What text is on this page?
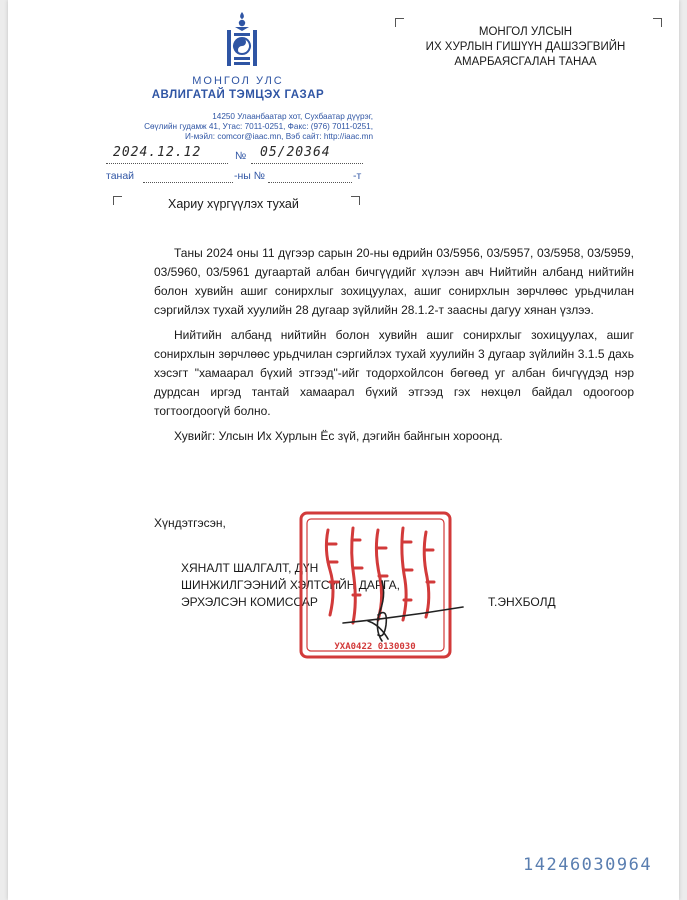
МОНГОЛ УЛС
АВЛИГАТАЙ ТЭМЦЭХ ГАЗАР
14250 Улаанбаатар хот, Сухбаатар дүүрэг,
Сөүлийн гудамж 41, Утас: 7011-0251, Факс: (976) 7011-0251,
И-мэйл: comcor@iaac.mn, Вэб сайт: http://iaac.mn
2024.12.12	№ 05/20364
танай	-ны №	-т
МОНГОЛ УЛСЫН
ИХ ХУРЛЫН ГИШҮҮН ДАШЗЭГВИЙН
АМАРБАЯСГАЛАН ТАНАА
Хариу хүргүүлэх тухай

Таны 2024 оны 11 дүгээр сарын 20-ны өдрийн 03/5956, 03/5957, 03/5958, 03/5959, 03/5960, 03/5961 дугаартай албан бичгүүдийг хүлээн авч Нийтийн албанд нийтийн болон хувийн ашиг сонирхлыг зохицуулах, ашиг сонирхлын зөрчлөөс урьдчилан сэргийлэх тухай хуулийн 28 дугаар зүйлийн 28.1.2-т заасны дагуу хянан үзлээ.

Нийтийн албанд нийтийн болон хувийн ашиг сонирхлыг зохицуулах, ашиг сонирхлын зөрчлөөс урьдчилан сэргийлэх тухай хуулийн 3 дугаар зүйлийн 3.1.5 дахь хэсэгт "хамаарал бүхий этгээд"-ийг тодорхойлсон бөгөөд уг албан бичгүүдэд нэр дурдсан иргэд тантай хамаарал бүхий этгээд гэх нөхцөл байдал одоогоор тогтоогдоогүй болно.

Хувийг: Улсын Их Хурлын Ёс зүй, дэгийн байнгын хороонд.

Хүндэтгэсэн,
ХЯНАЛТ ШАЛГАЛТ, ДҮН
ШИНЖИЛГЭЭНИЙ ХЭЛТСИЙН ДАРГА,
ЭРХЭЛСЭН КОМИССАР	Т.ЭНХБОЛД
УХА0422 0130030
14246030964
